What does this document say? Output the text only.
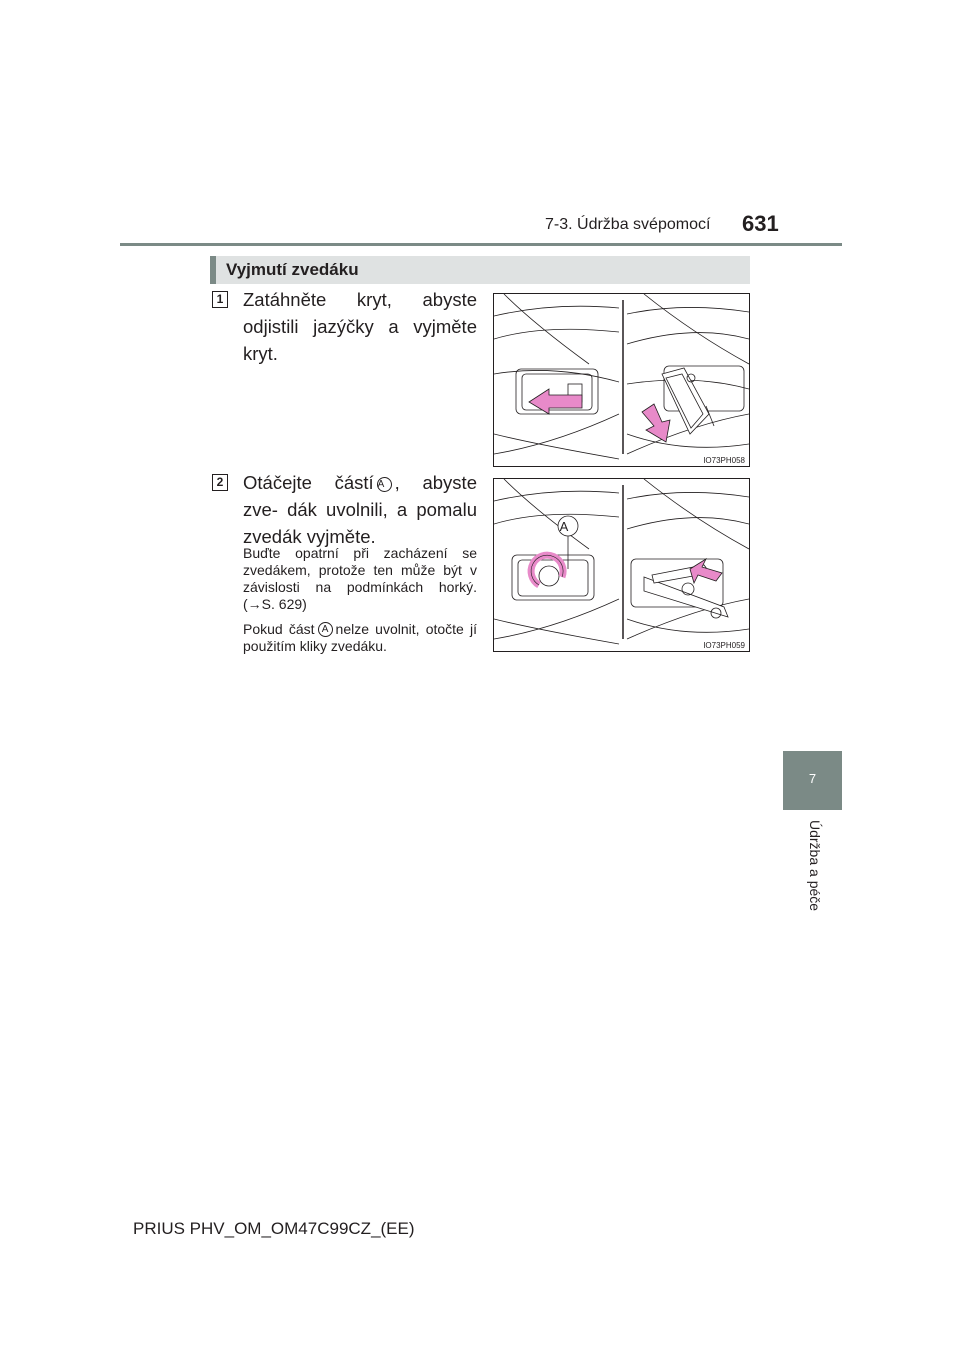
7-3. Údržba svépomocí 631
Vyjmutí zvedáku
1 Zatáhněte kryt, abyste odjistili jazýčky a vyjměte kryt.
IO73PH058
2 Otáčejte částí A , abyste zve- dák uvolnili, a pomalu zvedák vyjměte.
Buďte opatrní při zacházení se zvedákem, protože ten může být v závislosti na podmínkách horký. (→S. 629)
Pokud část A nelze uvolnit, otočte jí použitím kliky zvedáku.
A
IO73PH059
7
Údržba a péče
PRIUS PHV_OM_OM47C99CZ_(EE)
